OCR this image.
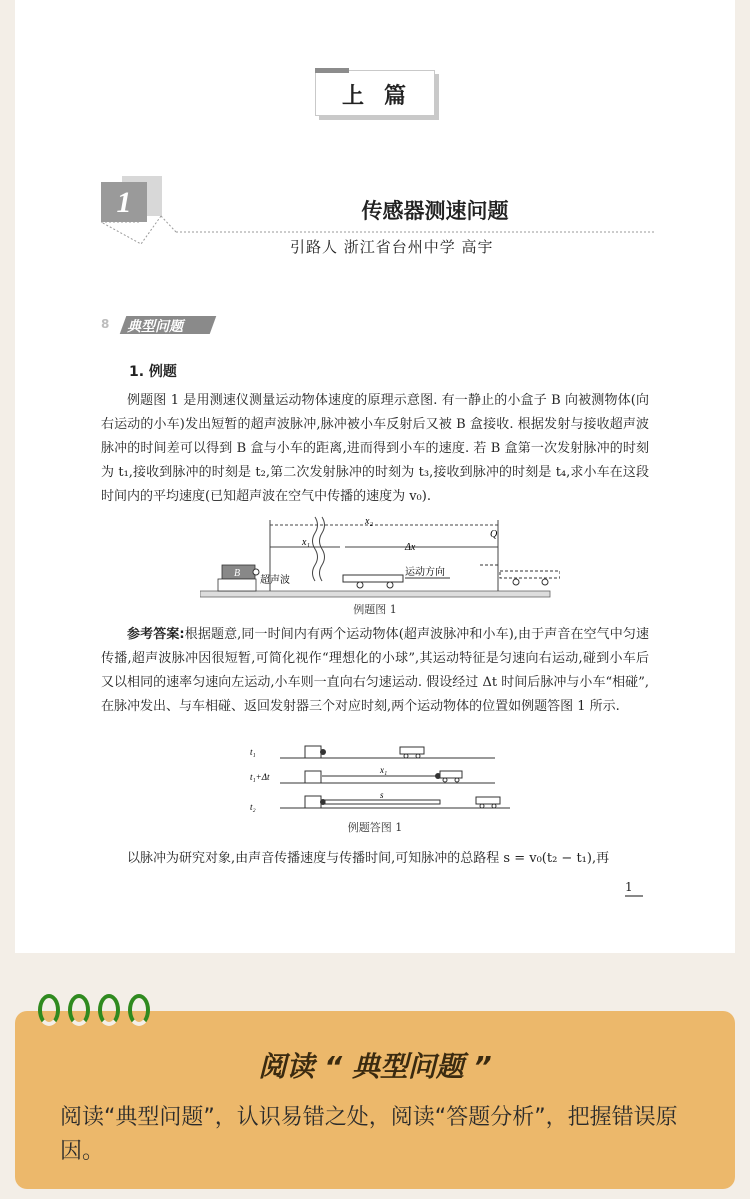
上篇
1	传感器测速问题
引路人 浙江省台州中学 高宇
8 典型问题
1. 例题
例题图 1 是用测速仪测量运动物体速度的原理示意图. 有一静止的小盒子 B 向被测物体(向右运动的小车)发出短暂的超声波脉冲,脉冲被小车反射后又被 B 盒接收. 根据发射与接收超声波脉冲的时间差可以得到 B 盒与小车的距离,进而得到小车的速度. 若 B 盒第一次发射脉冲的时刻为 t₁,接收到脉冲的时刻是 t₂,第二次发射脉冲的时刻为 t₃,接收到脉冲的时刻是 t₄,求小车在这段时间内的平均速度(已知超声波在空气中传播的速度为 v₀).
B
超声波
x₂
x₁	Δx
Q
运动方向
例题图 1
参考答案:根据题意,同一时间内有两个运动物体(超声波脉冲和小车),由于声音在空气中匀速传播,超声波脉冲因很短暂,可简化视作“理想化的小球”,其运动特征是匀速向右运动,碰到小车后又以相同的速率匀速向左运动,小车则一直向右匀速运动. 假设经过 Δt 时间后脉冲与小车“相碰”,在脉冲发出、与车相碰、返回发射器三个对应时刻,两个运动物体的位置如例题答图 1 所示.
t₁
t₁+Δt
x₁
t₂
s
例题答图 1
以脉冲为研究对象,由声音传播速度与传播时间,可知脉冲的总路程 s = v₀(t₂ − t₁),再
1
阅读 “ 典型问题 ”
阅读“典型问题”，认识易错之处，阅读“答题分析”，把握错误原因。
